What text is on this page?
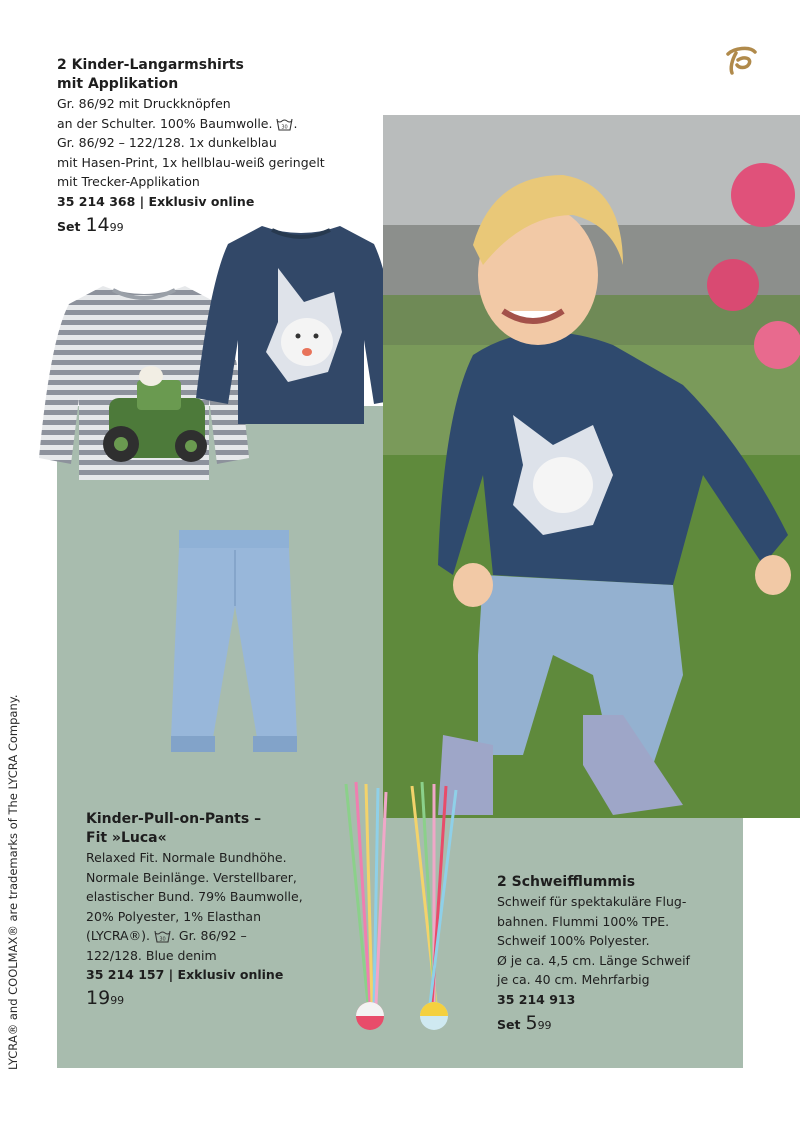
2 Kinder-Langarmshirts
mit Applikation
Gr. 86/92 mit Druckknöpfen
an der Schulter. 100% Baumwolle. 30 .
Gr. 86/92 – 122/128. 1x dunkelblau
mit Hasen-Print, 1x hellblau-weiß geringelt
mit Trecker-Applikation
35 214 368 | Exklusiv online
Set 14 99
Kinder-Pull-on-Pants –
Fit »Luca«
Relaxed Fit. Normale Bundhöhe.
Normale Beinlänge. Verstellbarer,
elastischer Bund. 79% Baumwolle,
20% Polyester, 1% Elasthan
(LYCRA®). 30 . Gr. 86/92 –
122/128. Blue denim
35 214 157 | Exklusiv online
19 99
2 Schweifflummis
Schweif für spektakuläre Flug-
bahnen. Flummi 100% TPE.
Schweif 100% Polyester.
Ø je ca. 4,5 cm. Länge Schweif
je ca. 40 cm. Mehrfarbig
35 214 913
Set 5 99
LYCRA® and COOLMAX® are trademarks of The LYCRA Company.
